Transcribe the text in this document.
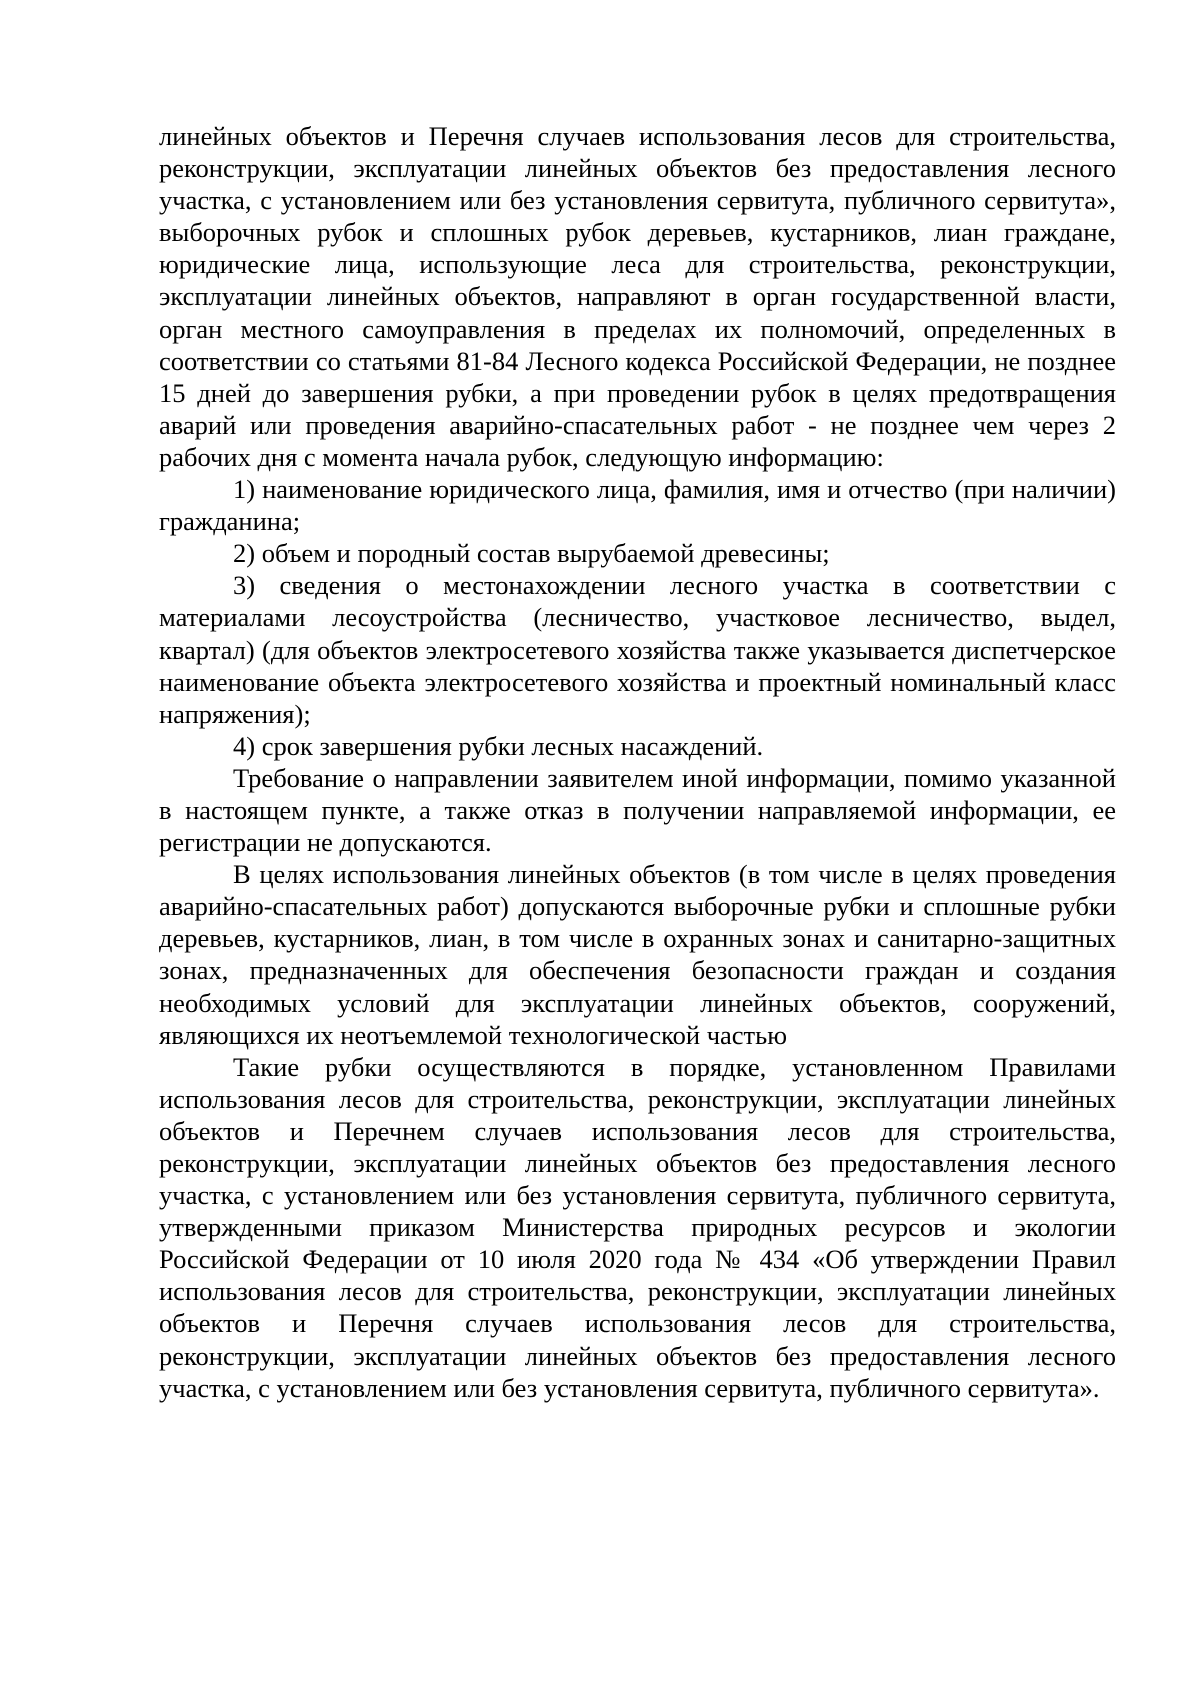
линейных объектов и Перечня случаев использования лесов для строительства, реконструкции, эксплуатации линейных объектов без предоставления лесного участка, с установлением или без установления сервитута, публичного сервитута», выборочных рубок и сплошных рубок деревьев, кустарников, лиан граждане, юридические лица, использующие леса для строительства, реконструкции, эксплуатации линейных объектов, направляют в орган государственной власти, орган местного самоуправления в пределах их полномочий, определенных в соответствии со статьями 81-84 Лесного кодекса Российской Федерации, не позднее 15 дней до завершения рубки, а при проведении рубок в целях предотвращения аварий или проведения аварийно-спасательных работ - не позднее чем через 2 рабочих дня с момента начала рубок, следующую информацию:

1) наименование юридического лица, фамилия, имя и отчество (при наличии) гражданина;

2) объем и породный состав вырубаемой древесины;

3) сведения о местонахождении лесного участка в соответствии с материалами лесоустройства (лесничество, участковое лесничество, выдел, квартал) (для объектов электросетевого хозяйства также указывается диспетчерское наименование объекта электросетевого хозяйства и проектный номинальный класс напряжения);

4) срок завершения рубки лесных насаждений.

Требование о направлении заявителем иной информации, помимо указанной в настоящем пункте, а также отказ в получении направляемой информации, ее регистрации не допускаются.

В целях использования линейных объектов (в том числе в целях проведения аварийно-спасательных работ) допускаются выборочные рубки и сплошные рубки деревьев, кустарников, лиан, в том числе в охранных зонах и санитарно-защитных зонах, предназначенных для обеспечения безопасности граждан и создания необходимых условий для эксплуатации линейных объектов, сооружений, являющихся их неотъемлемой технологической частью

Такие рубки осуществляются в порядке, установленном Правилами использования лесов для строительства, реконструкции, эксплуатации линейных объектов и Перечнем случаев использования лесов для строительства, реконструкции, эксплуатации линейных объектов без предоставления лесного участка, с установлением или без установления сервитута, публичного сервитута, утвержденными приказом Министерства природных ресурсов и экологии Российской Федерации от 10 июля 2020 года № 434 «Об утверждении Правил использования лесов для строительства, реконструкции, эксплуатации линейных объектов и Перечня случаев использования лесов для строительства, реконструкции, эксплуатации линейных объектов без предоставления лесного участка, с установлением или без установления сервитута, публичного сервитута».
